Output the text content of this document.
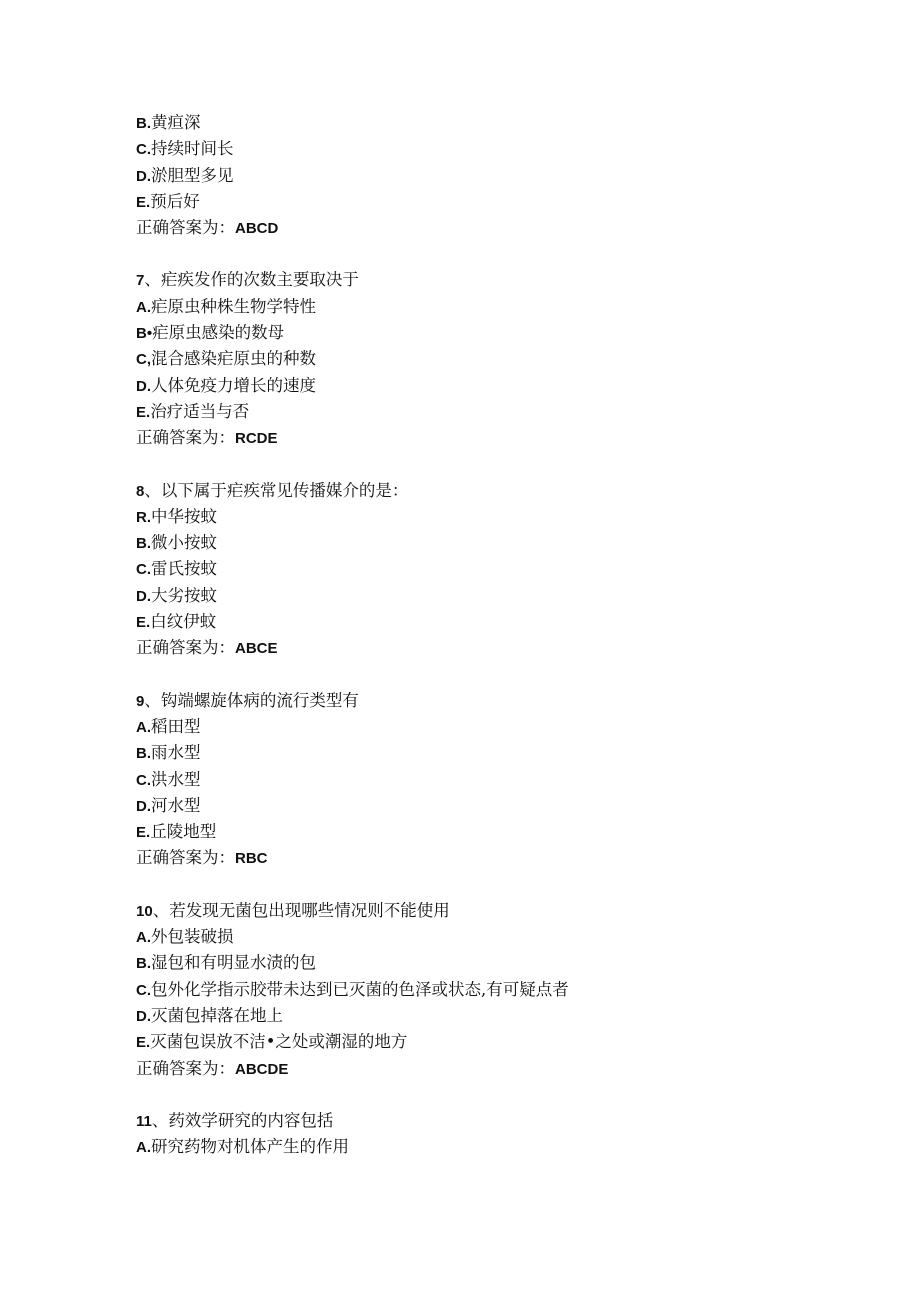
B.黄疸深
C.持续时间长
D.淤胆型多见
E.预后好
正确答案为：ABCD
7、疟疾发作的次数主要取决于
A.疟原虫种株生物学特性
B•疟原虫感染的数母
C,混合感染疟原虫的种数
D.人体免疫力增长的速度
E.治疗适当与否
正确答案为：RCDE
8、以下属于疟疾常见传播媒介的是：
R.中华按蚊
B.微小按蚊
C.雷氏按蚊
D.大劣按蚊
E.白纹伊蚊
正确答案为：ABCE
9、钩端螺旋体病的流行类型有
A.稻田型
B.雨水型
C.洪水型
D.河水型
E.丘陵地型
正确答案为：RBC
10、若发现无菌包出现哪些情况则不能使用
A.外包装破损
B.湿包和有明显水渍的包
C.包外化学指示胶带未达到已灭菌的色泽或状态,有可疑点者
D.灭菌包掉落在地上
E.灭菌包误放不洁•之处或潮湿的地方
正确答案为：ABCDE
11、药效学研究的内容包括
A.研究药物对机体产生的作用
